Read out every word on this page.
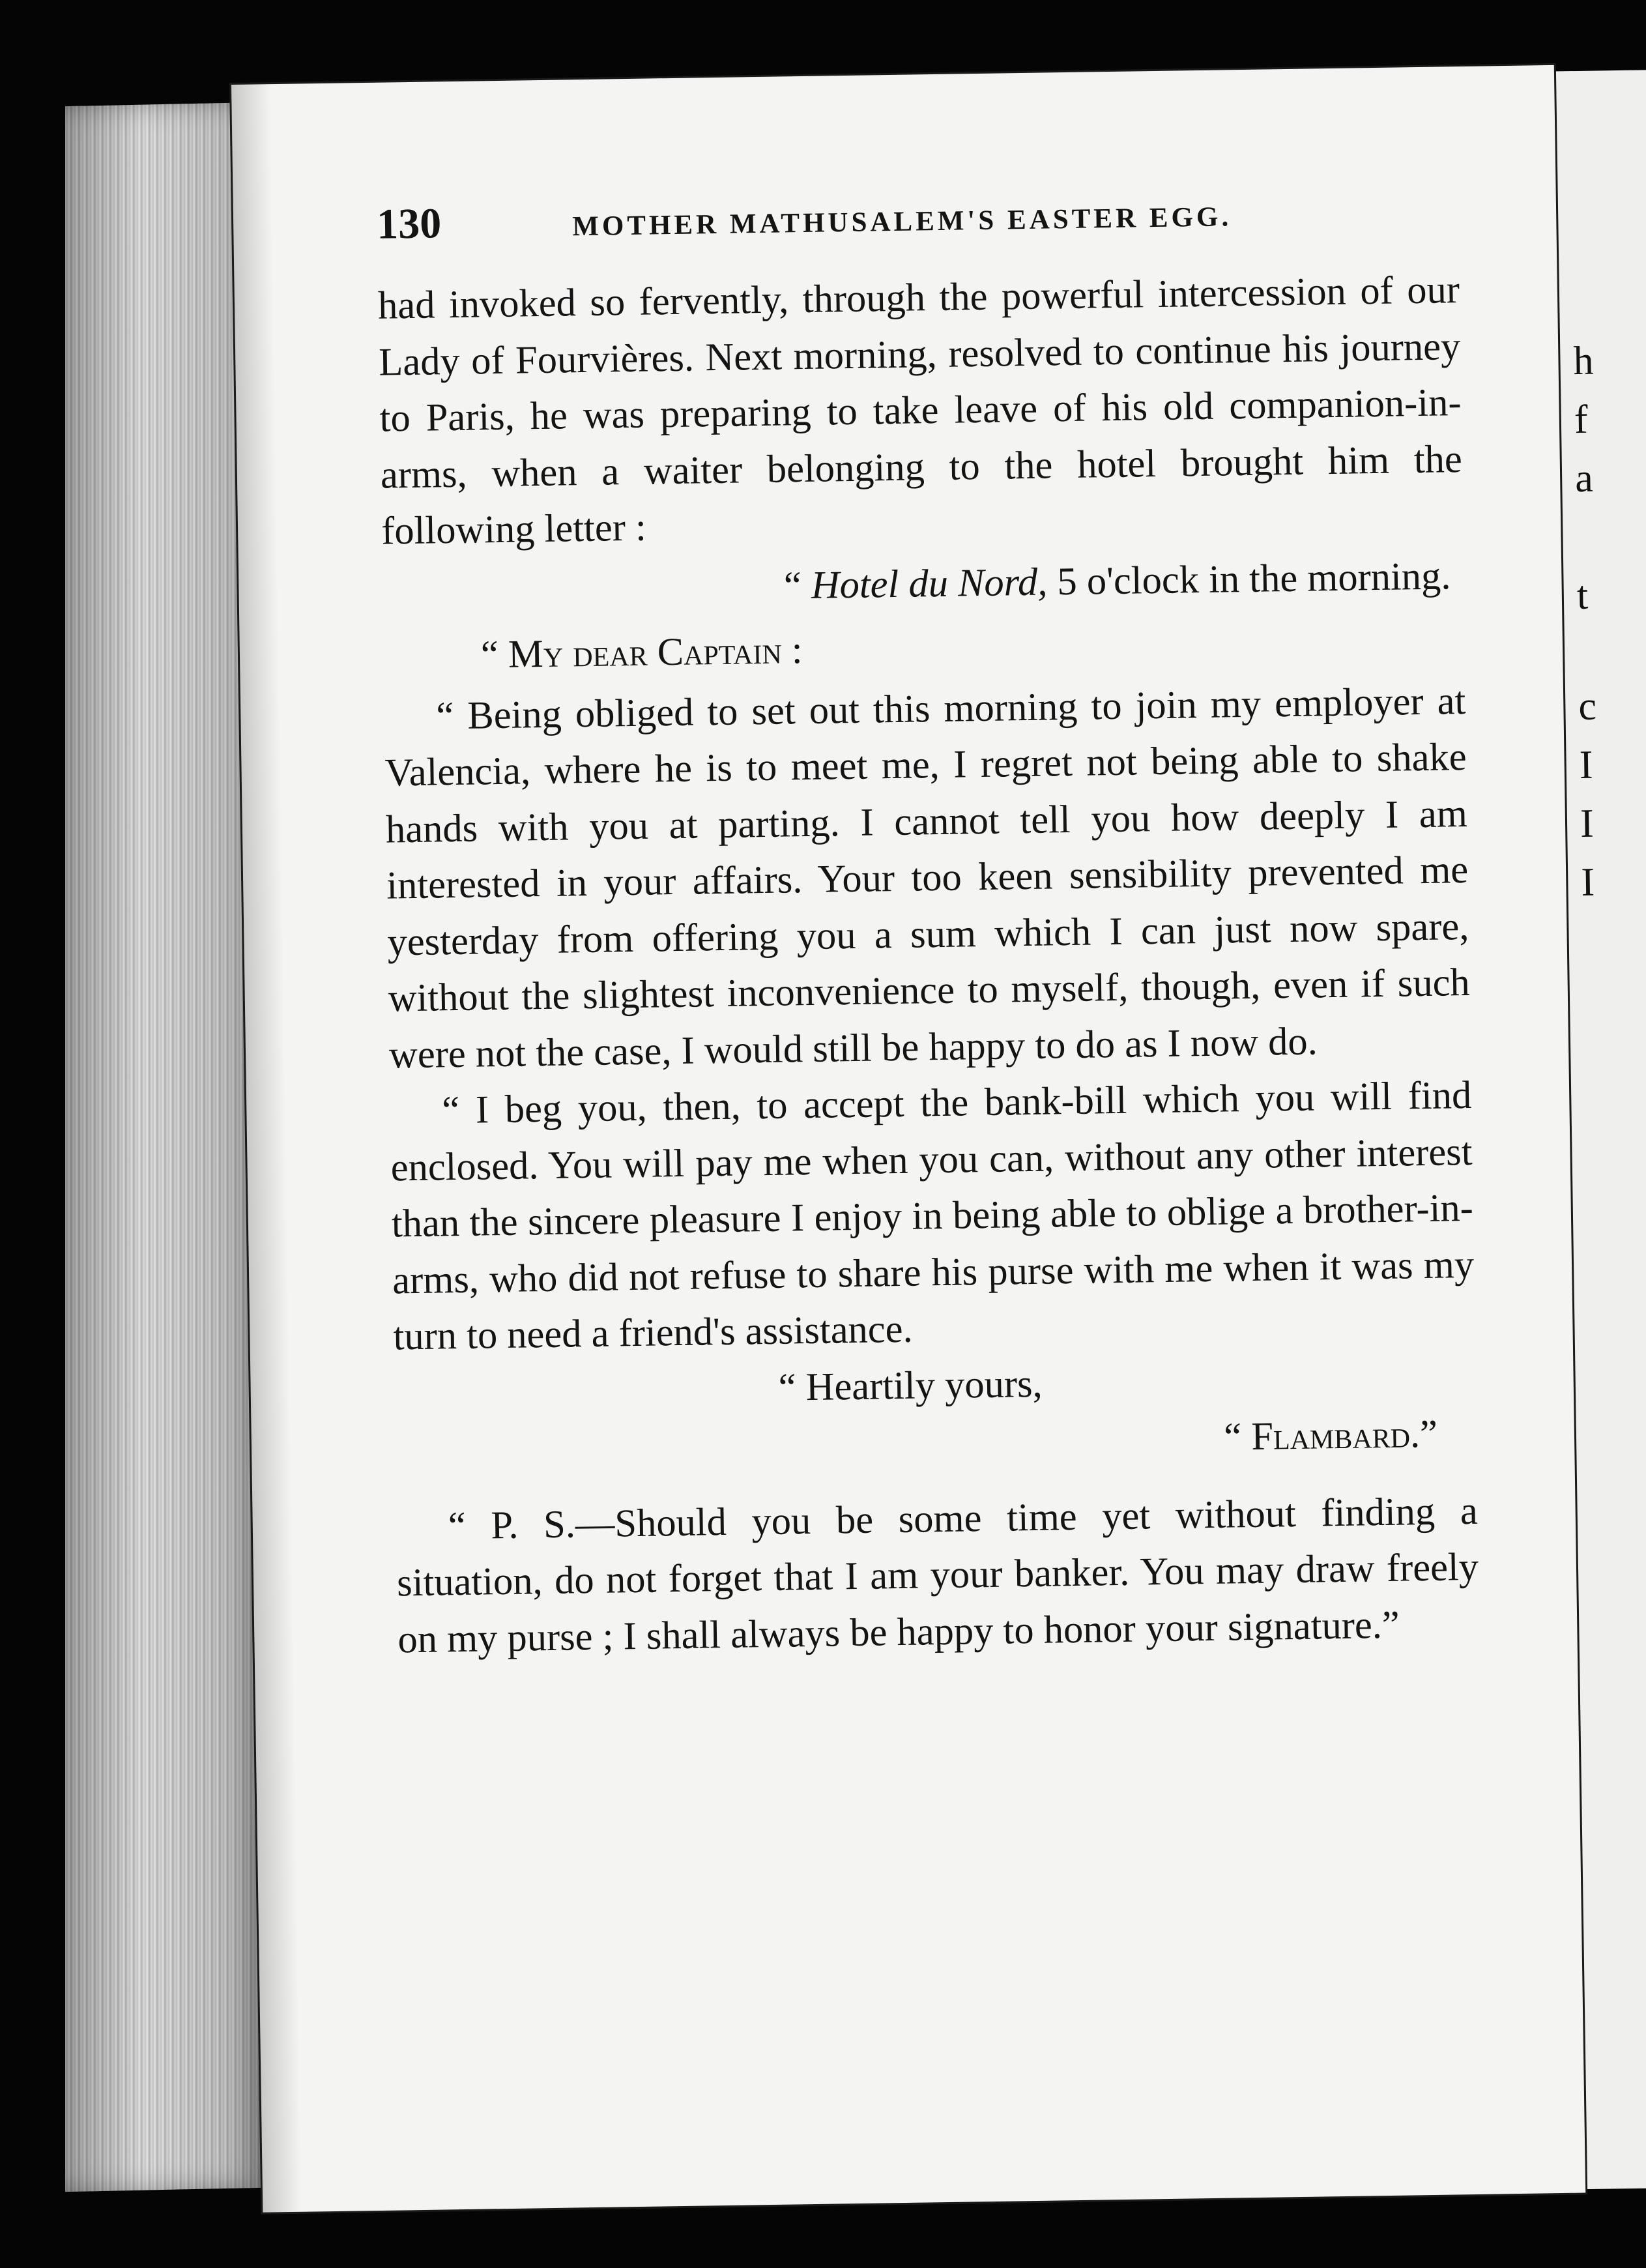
h
f
a
t
c
I
I
I
130	MOTHER MATHUSALEM'S EASTER EGG.

had invoked so fervently, through the powerful intercession of our Lady of Fourvières. Next morning, resolved to continue his journey to Paris, he was preparing to take leave of his old companion-in-arms, when a waiter belonging to the hotel brought him the following letter :

“ Hotel du Nord, 5 o'clock in the morning.
“ My dear Captain :

“ Being obliged to set out this morning to join my employer at Valencia, where he is to meet me, I regret not being able to shake hands with you at parting. I cannot tell you how deeply I am interested in your affairs. Your too keen sensibility prevented me yesterday from offering you a sum which I can just now spare, without the slightest inconvenience to myself, though, even if such were not the case, I would still be happy to do as I now do.

“ I beg you, then, to accept the bank-bill which you will find enclosed. You will pay me when you can, without any other interest than the sincere pleasure I enjoy in being able to oblige a brother-in-arms, who did not refuse to share his purse with me when it was my turn to need a friend's assistance.

“ Heartily yours,
“ Flambard.”

“ P. S.—Should you be some time yet without finding a situation, do not forget that I am your banker. You may draw freely on my purse ; I shall always be happy to honor your signature.”
